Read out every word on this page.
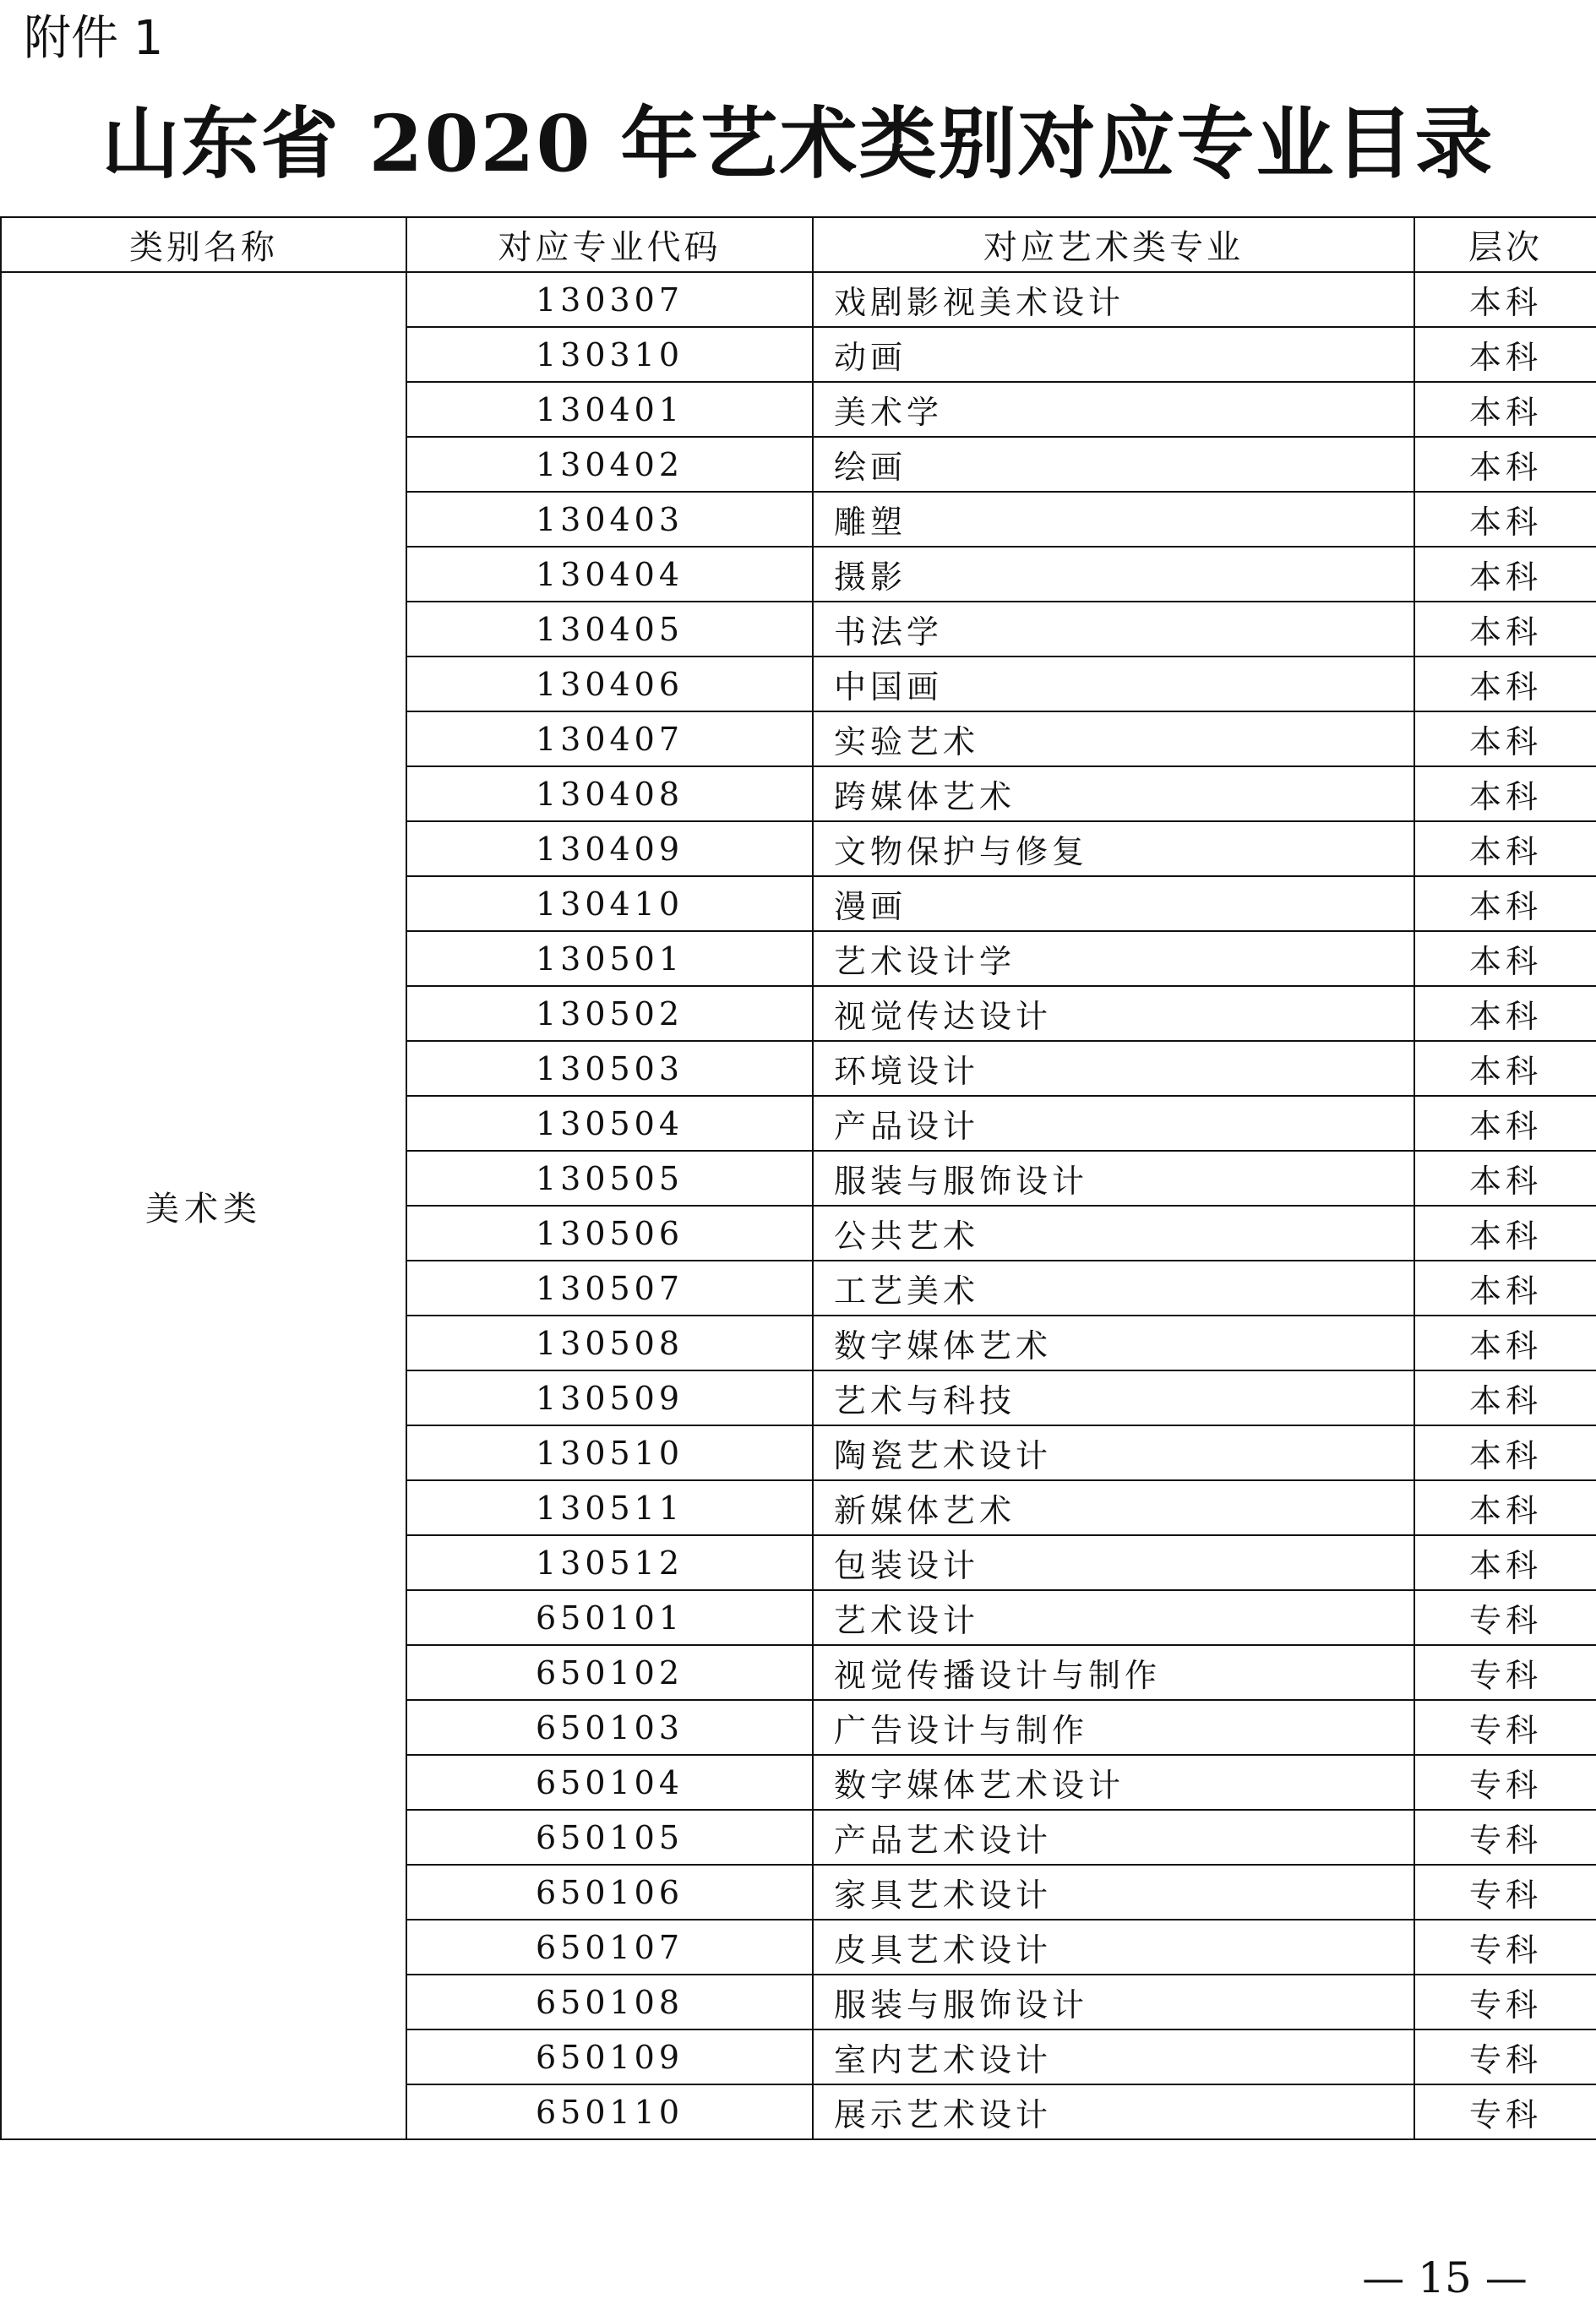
附件 1
山东省 2020 年艺术类别对应专业目录
类别名称	对应专业代码	对应艺术类专业	层次
美术类	130307	戏剧影视美术设计	本科
	130310	动画	本科
	130401	美术学	本科
	130402	绘画	本科
	130403	雕塑	本科
	130404	摄影	本科
	130405	书法学	本科
	130406	中国画	本科
	130407	实验艺术	本科
	130408	跨媒体艺术	本科
	130409	文物保护与修复	本科
	130410	漫画	本科
	130501	艺术设计学	本科
	130502	视觉传达设计	本科
	130503	环境设计	本科
	130504	产品设计	本科
	130505	服装与服饰设计	本科
	130506	公共艺术	本科
	130507	工艺美术	本科
	130508	数字媒体艺术	本科
	130509	艺术与科技	本科
	130510	陶瓷艺术设计	本科
	130511	新媒体艺术	本科
	130512	包装设计	本科
	650101	艺术设计	专科
	650102	视觉传播设计与制作	专科
	650103	广告设计与制作	专科
	650104	数字媒体艺术设计	专科
	650105	产品艺术设计	专科
	650106	家具艺术设计	专科
	650107	皮具艺术设计	专科
	650108	服装与服饰设计	专科
	650109	室内艺术设计	专科
	650110	展示艺术设计	专科
— 15 —
